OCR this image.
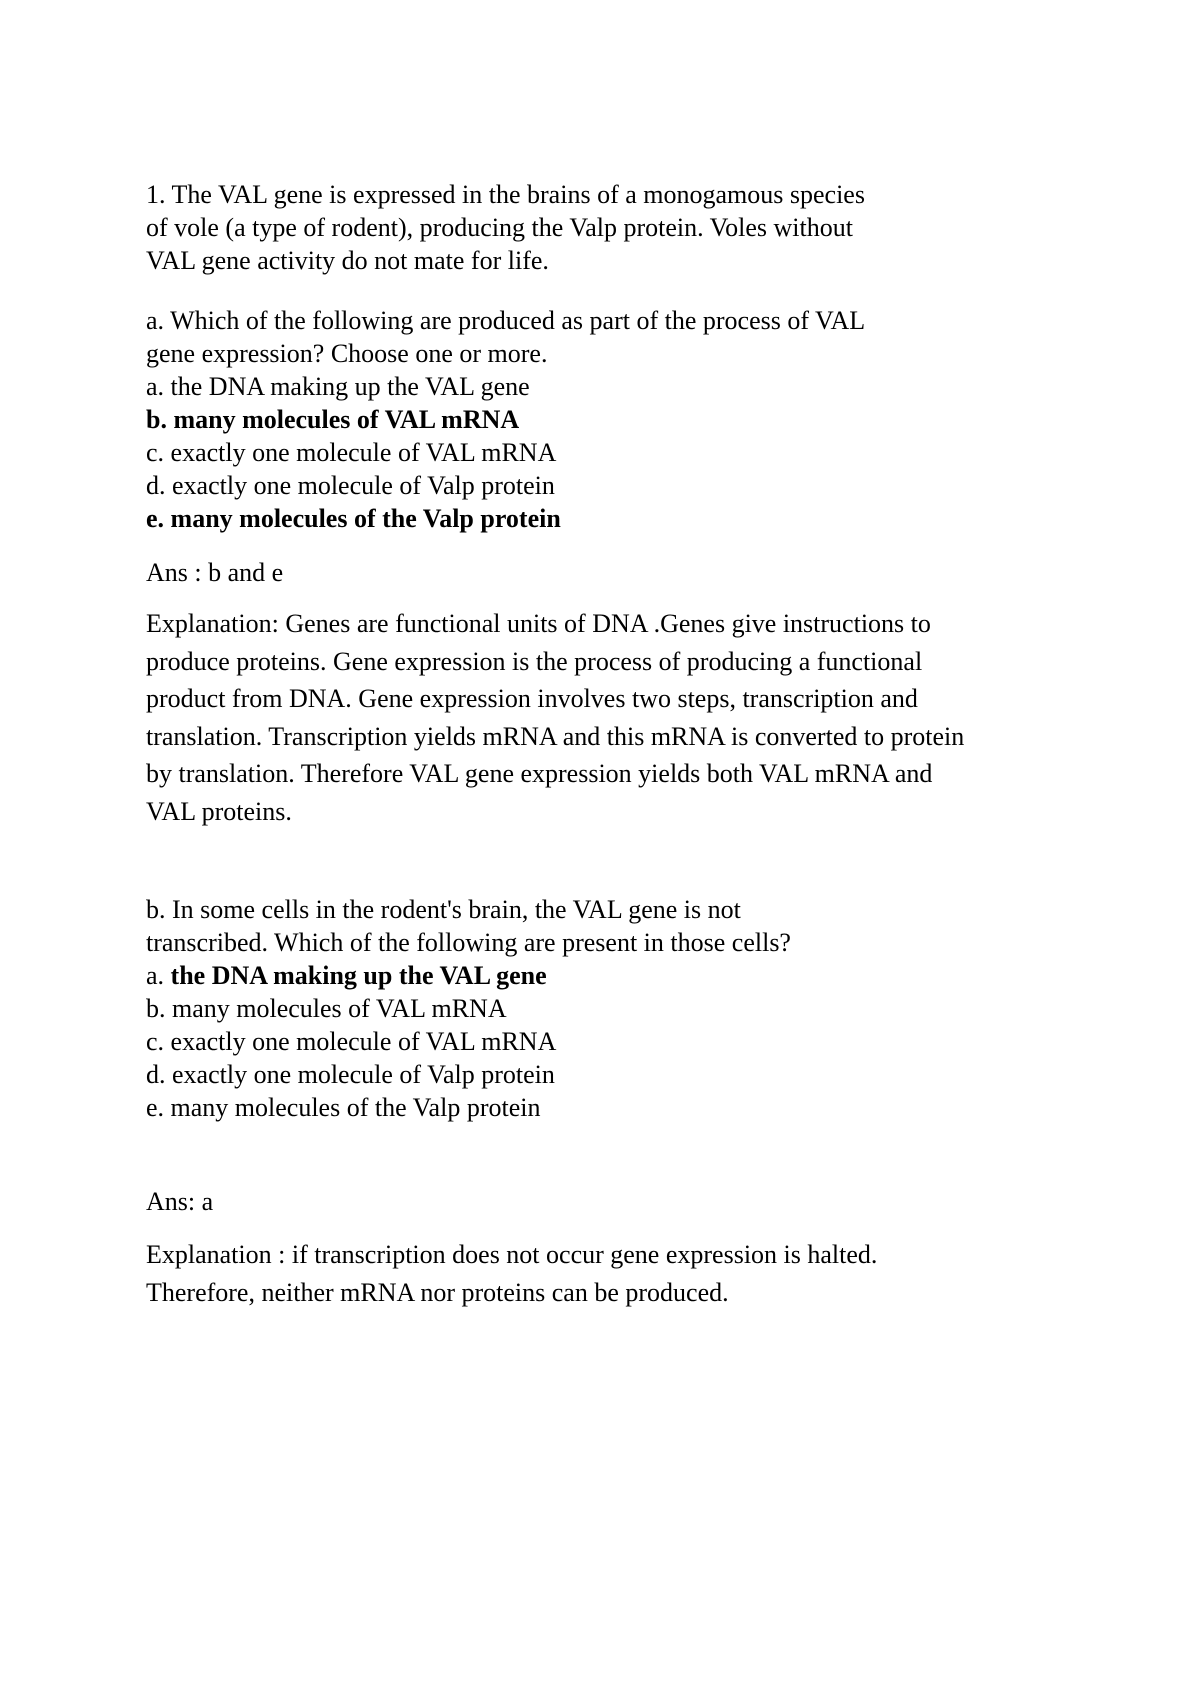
1. The VAL gene is expressed in the brains of a monogamous species

of vole (a type of rodent), producing the Valp protein. Voles without

VAL gene activity do not mate for life.

a. Which of the following are produced as part of the process of VAL

gene expression? Choose one or more.

a. the DNA making up the VAL gene

b. many molecules of VAL mRNA

c. exactly one molecule of VAL mRNA

d. exactly one molecule of Valp protein

e. many molecules of the Valp protein

Ans : b and e

Explanation: Genes are functional units of DNA .Genes give instructions to

produce proteins. Gene expression is the process of producing a functional

product from DNA. Gene expression involves two steps, transcription and

translation. Transcription yields mRNA and this mRNA is converted to protein

by translation. Therefore VAL gene expression yields both VAL mRNA and

VAL proteins.

b. In some cells in the rodent's brain, the VAL gene is not

transcribed. Which of the following are present in those cells?

a. the DNA making up the VAL gene

b. many molecules of VAL mRNA

c. exactly one molecule of VAL mRNA

d. exactly one molecule of Valp protein

e. many molecules of the Valp protein

Ans: a

Explanation : if transcription does not occur gene expression is halted.

Therefore, neither mRNA nor proteins can be produced.
